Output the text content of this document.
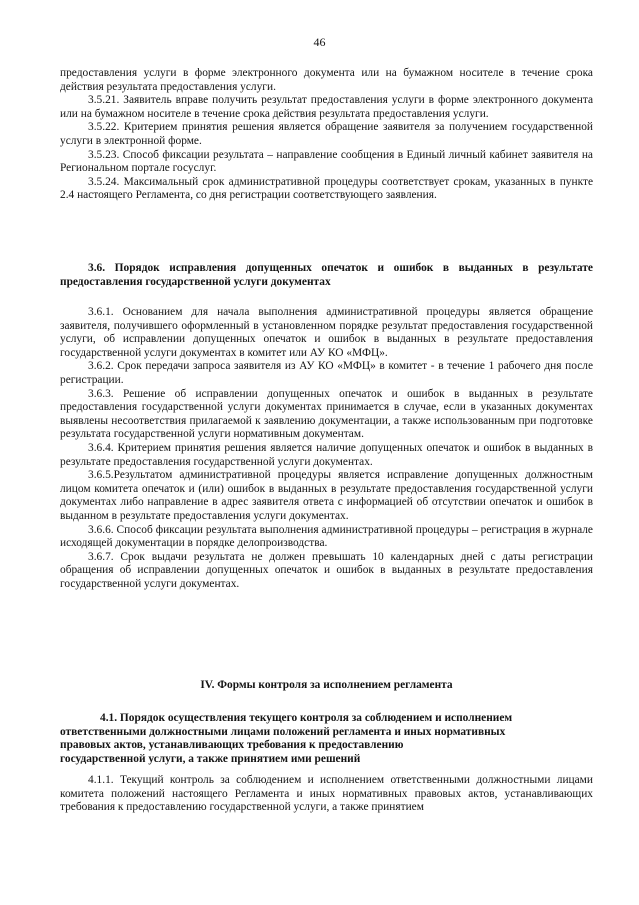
46

предоставления услуги в форме электронного документа или на бумажном носителе в течение срока действия результата предоставления услуги.

3.5.21. Заявитель вправе получить результат предоставления услуги в форме электронного документа или на бумажном носителе в течение срока действия результата предоставления услуги.

3.5.22. Критерием принятия решения является обращение заявителя за получением государственной услуги в электронной форме.

3.5.23. Способ фиксации результата – направление сообщения в Единый личный кабинет заявителя на Региональном портале госуслуг.

3.5.24. Максимальный срок административной процедуры соответствует срокам, указанных в пункте 2.4 настоящего Регламента, со дня регистрации соответствующего заявления.

3.6. Порядок исправления допущенных опечаток и ошибок в выданных в результате предоставления государственной услуги документах

3.6.1. Основанием для начала выполнения административной процедуры является обращение заявителя, получившего оформленный в установленном порядке результат предоставления государственной услуги, об исправлении допущенных опечаток и ошибок в выданных в результате предоставления государственной услуги документах в комитет или АУ КО «МФЦ».

3.6.2. Срок передачи запроса заявителя из АУ КО «МФЦ» в комитет - в течение 1 рабочего дня после регистрации.

3.6.3. Решение об исправлении допущенных опечаток и ошибок в выданных в результате предоставления государственной услуги документах принимается в случае, если в указанных документах выявлены несоответствия прилагаемой к заявлению документации, а также использованным при подготовке результата государственной услуги нормативным документам.

3.6.4. Критерием принятия решения является наличие допущенных опечаток и ошибок в выданных в результате предоставления государственной услуги документах.

3.6.5.Результатом административной процедуры является исправление допущенных должностным лицом комитета опечаток и (или) ошибок в выданных в результате предоставления государственной услуги документах либо направление в адрес заявителя ответа с информацией об отсутствии опечаток и ошибок в выданном в результате предоставления услуги документах.

3.6.6. Способ фиксации результата выполнения административной процедуры – регистрация в журнале исходящей документации в порядке делопроизводства.

3.6.7. Срок выдачи результата не должен превышать 10 календарных дней с даты регистрации обращения об исправлении допущенных опечаток и ошибок в выданных в результате предоставления государственной услуги документах.

IV. Формы контроля за исполнением регламента
4.1. Порядок осуществления текущего контроля за соблюдением и исполнением
ответственными должностными лицами положений регламента и иных нормативных
правовых актов, устанавливающих требования к предоставлению
государственной услуги, а также принятием ими решений

4.1.1. Текущий контроль за соблюдением и исполнением ответственными должностными лицами комитета положений настоящего Регламента и иных нормативных правовых актов, устанавливающих требования к предоставлению государственной услуги, а также принятием
